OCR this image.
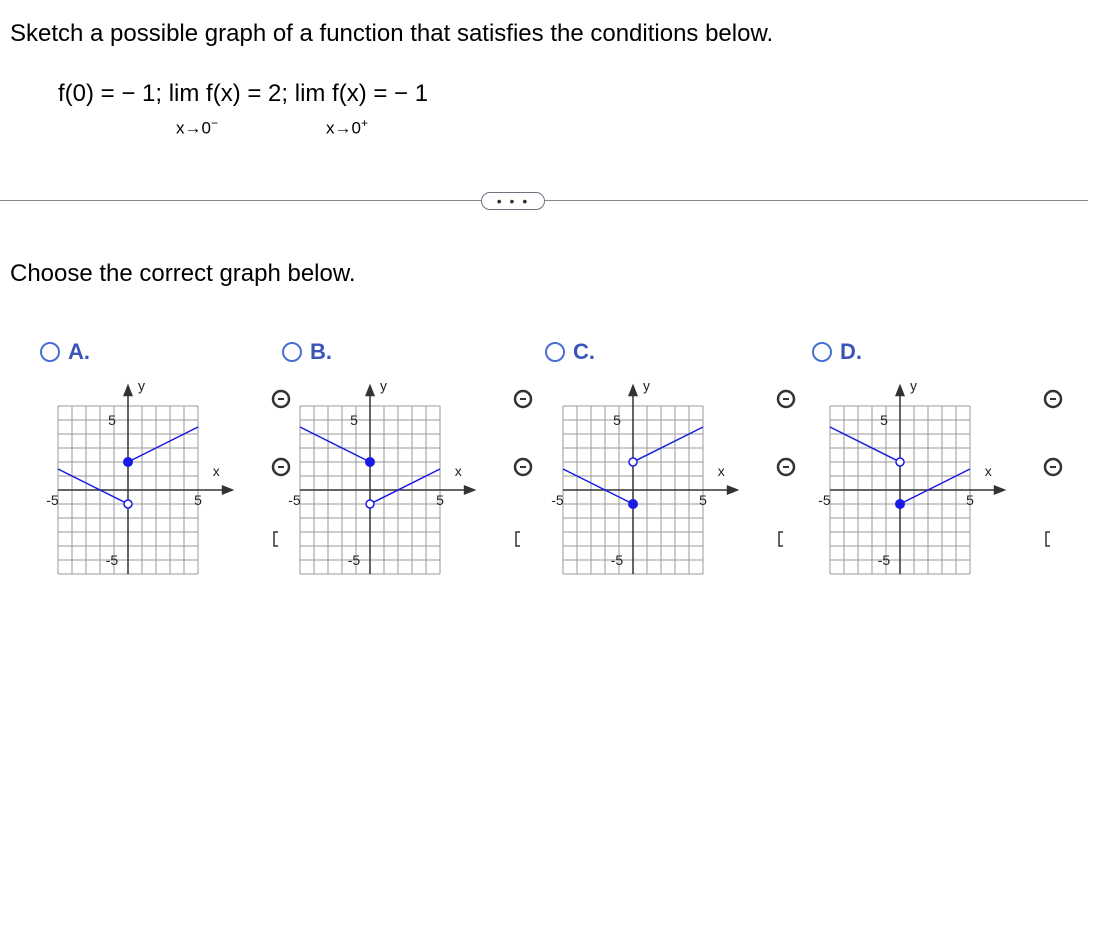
Sketch a possible graph of a function that satisfies the conditions below.
f(0) = − 1; lim f(x) = 2; lim f(x) = − 1
x→0−	x→0+
• • •
Choose the correct graph below.
A.
x
y
-5	5
5
-5
B.
x
y
-5	5
5
-5
C.
x
y
-5	5
5
-5
D.
x
y
-5	5
5
-5
